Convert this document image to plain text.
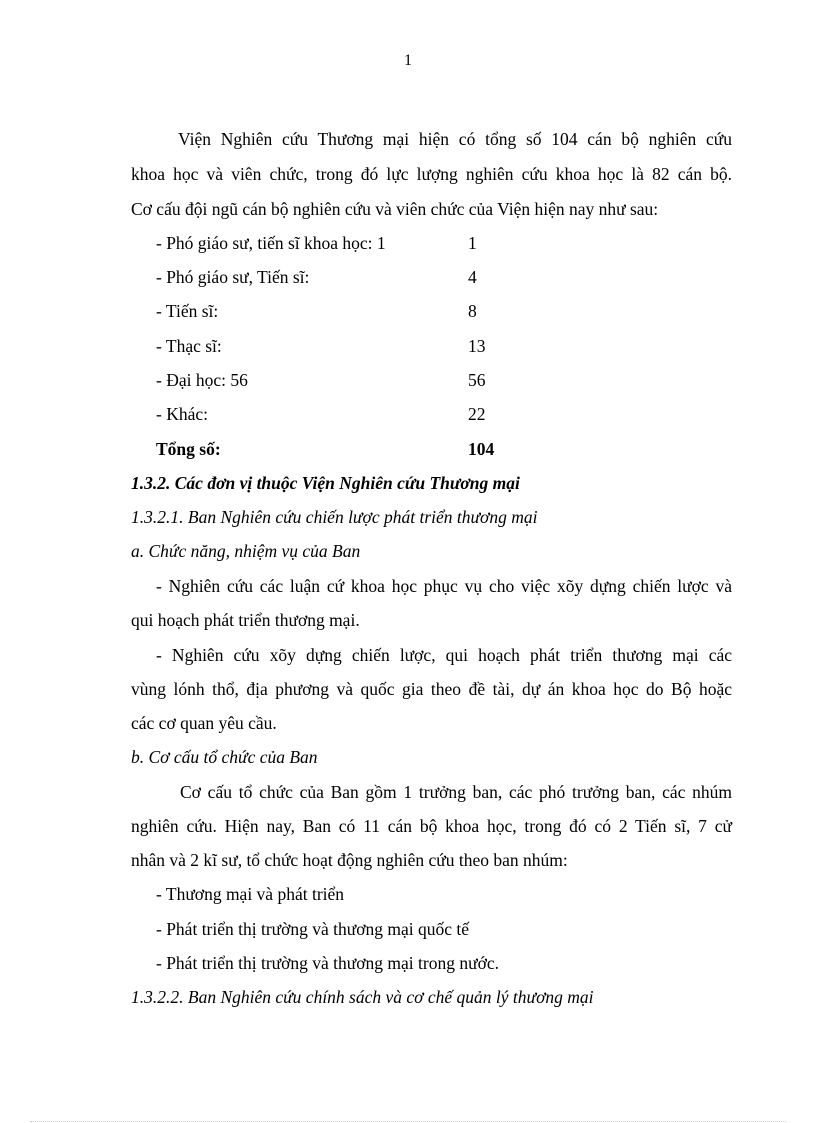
1
Viện Nghiên cứu Thương mại hiện có tổng số 104 cán bộ nghiên cứu
khoa học và viên chức, trong đó lực lượng nghiên cứu khoa học là 82 cán bộ.
Cơ cấu đội ngũ cán bộ nghiên cứu và viên chức của Viện hiện nay như sau:
- Phó giáo sư, tiến sĩ khoa học: 1	1
- Phó giáo sư, Tiến sĩ:	4
- Tiến sĩ:	8
- Thạc sĩ:	13
- Đại học: 56	56
- Khác:	22
Tổng số:	104
1.3.2. Các đơn vị thuộc Viện Nghiên cứu Thương mại
1.3.2.1. Ban Nghiên cứu chiến lược phát triển thương mại
a. Chức năng, nhiệm vụ của Ban
- Nghiên cứu các luận cứ khoa học phục vụ cho việc xõy dựng chiến lược và
qui hoạch phát triển thương mại.
- Nghiên cứu xõy dựng chiến lược, qui hoạch phát triển thương mại các
vùng lónh thổ, địa phương và quốc gia theo đề tài, dự án khoa học do Bộ hoặc
các cơ quan yêu cầu.
b. Cơ cấu tổ chức của Ban
Cơ cấu tổ chức của Ban gồm 1 trưởng ban, các phó trưởng ban, các nhúm
nghiên cứu. Hiện nay, Ban có 11 cán bộ khoa học, trong đó có 2 Tiến sĩ, 7 cử
nhân và 2 kĩ sư, tổ chức hoạt động nghiên cứu theo ban nhúm:
- Thương mại và phát triển
- Phát triển thị trường và thương mại quốc tế
- Phát triển thị trường và thương mại trong nước.
1.3.2.2. Ban Nghiên cứu chính sách và cơ chế quản lý thương mại
